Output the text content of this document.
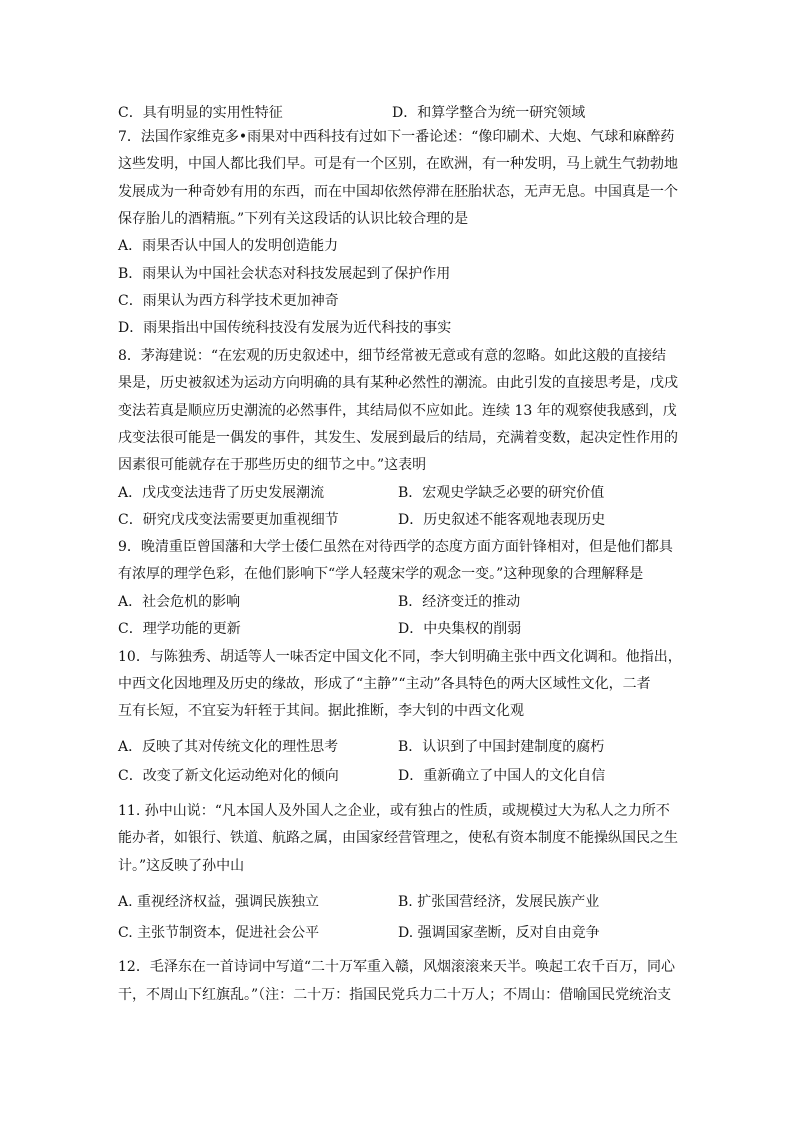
C．具有明显的实用性特征	D．和算学整合为统一研究领域
7．法国作家维克多•雨果对中西科技有过如下一番论述：“像印刷术、大炮、气球和麻醉药
这些发明，中国人都比我们早。可是有一个区别，在欧洲，有一种发明，马上就生气勃勃地
发展成为一种奇妙有用的东西，而在中国却依然停滞在胚胎状态，无声无息。中国真是一个
保存胎儿的酒精瓶。”下列有关这段话的认识比较合理的是
A．雨果否认中国人的发明创造能力
B．雨果认为中国社会状态对科技发展起到了保护作用
C．雨果认为西方科学技术更加神奇
D．雨果指出中国传统科技没有发展为近代科技的事实
8．茅海建说：“在宏观的历史叙述中，细节经常被无意或有意的忽略。如此这般的直接结
果是，历史被叙述为运动方向明确的具有某种必然性的潮流。由此引发的直接思考是，戊戌
变法若真是顺应历史潮流的必然事件，其结局似不应如此。连续 13 年的观察使我感到，戊
戌变法很可能是一偶发的事件，其发生、发展到最后的结局，充满着变数，起决定性作用的
因素很可能就存在于那些历史的细节之中。”这表明
A．戊戌变法违背了历史发展潮流	B．宏观史学缺乏必要的研究价值
C．研究戊戌变法需要更加重视细节	D．历史叙述不能客观地表现历史
9．晚清重臣曾国藩和大学士倭仁虽然在对待西学的态度方面方面针锋相对，但是他们都具
有浓厚的理学色彩，在他们影响下“学人轻蔑宋学的观念一变。”这种现象的合理解释是
A．社会危机的影响	B．经济变迁的推动
C．理学功能的更新	D．中央集权的削弱
10．与陈独秀、胡适等人一味否定中国文化不同，李大钊明确主张中西文化调和。他指出，
中西文化因地理及历史的缘故，形成了“主静”“主动”各具特色的两大区域性文化，二者
互有长短，不宜妄为轩轾于其间。据此推断，李大钊的中西文化观
A．反映了其对传统文化的理性思考	B．认识到了中国封建制度的腐朽
C．改变了新文化运动绝对化的倾向	D．重新确立了中国人的文化自信
11. 孙中山说：“凡本国人及外国人之企业，或有独占的性质，或规模过大为私人之力所不
能办者，如银行、铁道、航路之属，由国家经营管理之，使私有资本制度不能操纵国民之生
计。”这反映了孙中山
A. 重视经济权益，强调民族独立	B. 扩张国营经济，发展民族产业
C. 主张节制资本，促进社会公平	D. 强调国家垄断，反对自由竞争
12．毛泽东在一首诗词中写道“二十万军重入赣，风烟滚滚来天半。唤起工农千百万，同心
干，不周山下红旗乱。”（注：二十万：指国民党兵力二十万人；不周山：借喻国民党统治支
